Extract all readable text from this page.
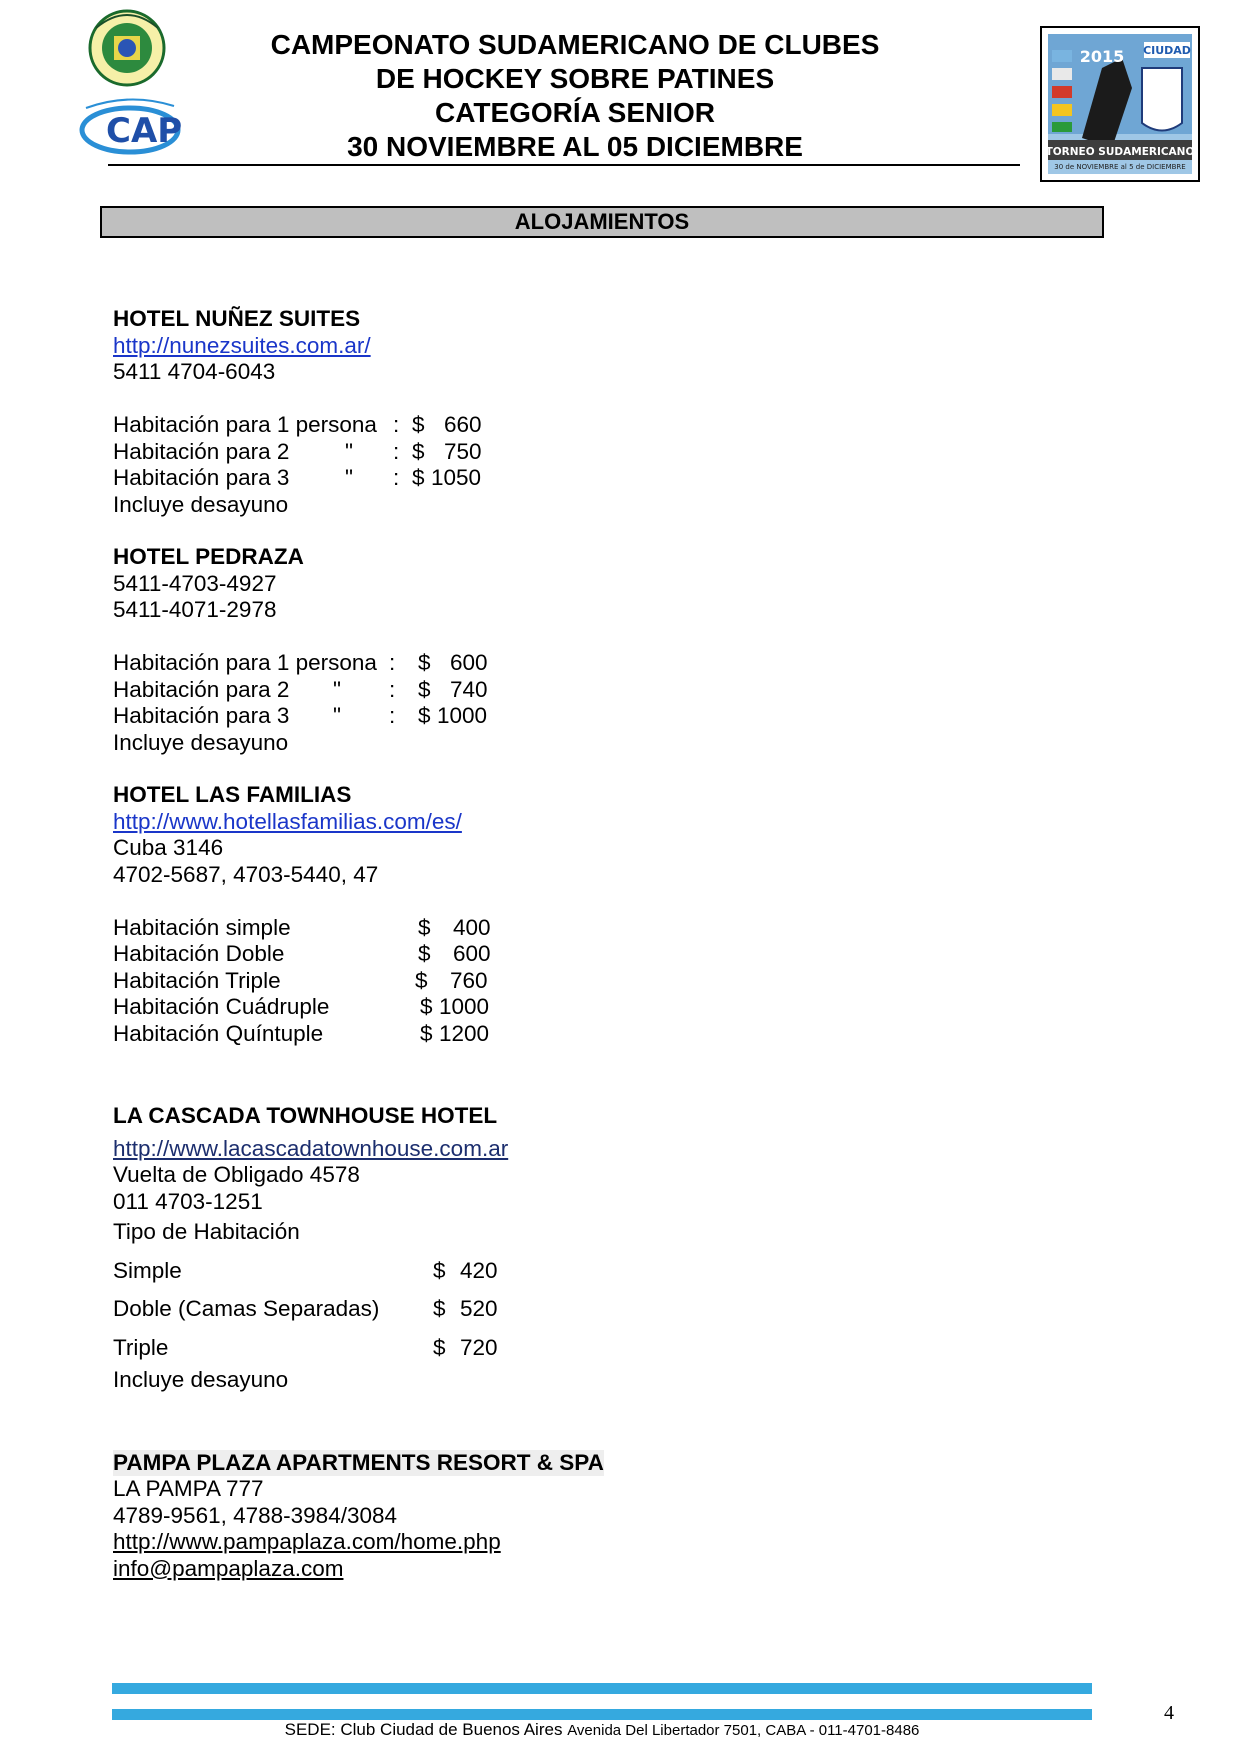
CAP
CAMPEONATO SUDAMERICANO DE CLUBES
DE HOCKEY SOBRE PATINES
CATEGORÍA SENIOR
30 NOVIEMBRE AL 05 DICIEMBRE
CIUDAD
2015
TORNEO SUDAMERICANO
30 de NOVIEMBRE al 5 de DICIEMBRE
ALOJAMIENTOS
HOTEL NUÑEZ SUITES
http://nunezsuites.com.ar/
5411 4704-6043
Habitación para 1 persona : $ 660
Habitación para 2 " : $ 750
Habitación para 3 " : $ 1050
Incluye desayuno
HOTEL PEDRAZA
5411-4703-4927
5411-4071-2978
Habitación para 1 persona : $ 600
Habitación para 2 " : $ 740
Habitación para 3 " : $ 1000
Incluye desayuno
HOTEL LAS FAMILIAS
http://www.hotellasfamilias.com/es/
Cuba 3146
4702-5687, 4703-5440, 47
Habitación simple	$ 400
Habitación Doble	$ 600
Habitación Triple	$ 760
Habitación Cuádruple	$ 1000
Habitación Quíntuple	$ 1200
LA CASCADA TOWNHOUSE HOTEL
http://www.lacascadatownhouse.com.ar
Vuelta de Obligado 4578
011 4703-1251
Tipo de Habitación
Simple	$ 420
Doble (Camas Separadas) $ 520
Triple	$ 720
Incluye desayuno
PAMPA PLAZA APARTMENTS RESORT & SPA
LA PAMPA 777
4789-9561, 4788-3984/3084
http://www.pampaplaza.com/home.php
info@pampaplaza.com
SEDE: Club Ciudad de Buenos Aires Avenida Del Libertador 7501, CABA - 011-4701-8486
4
